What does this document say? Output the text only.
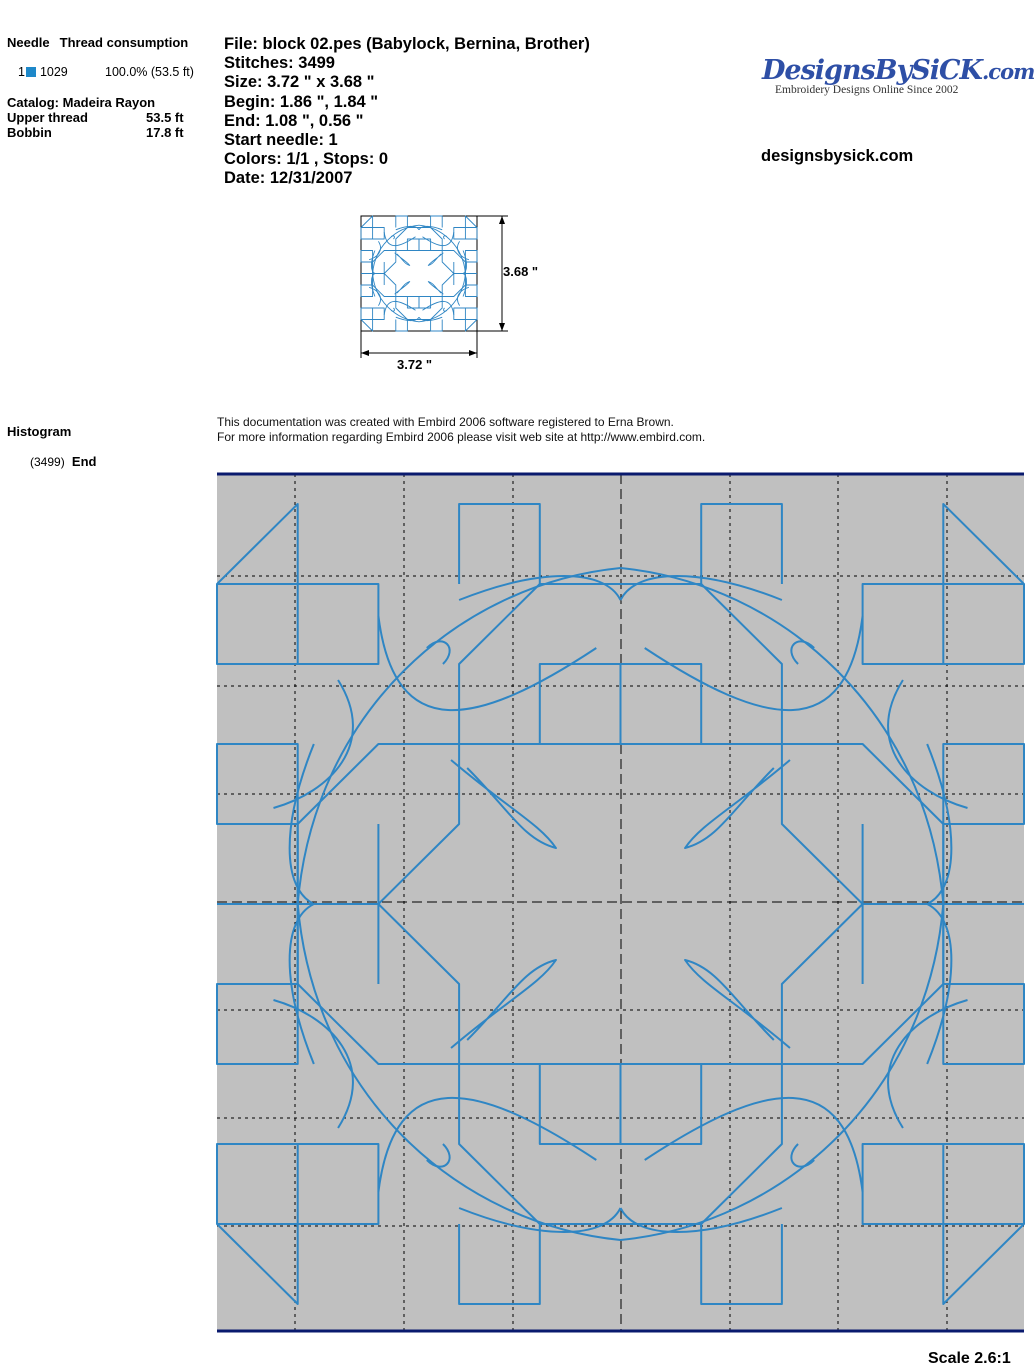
Needle Thread consumption
1 1029	100.0% (53.5 ft)
Catalog: Madeira Rayon
Upper thread	53.5 ft
Bobbin	17.8 ft
File: block 02.pes (Babylock, Bernina, Brother)
Stitches: 3499
Size: 3.72 " x 3.68 "
Begin: 1.86 ", 1.84 "
End: 1.08 ", 0.56 "
Start needle: 1
Colors: 1/1 , Stops: 0
Date: 12/31/2007
DesignsBySiCK.com
Embroidery Designs Online Since 2002
designsbysick.com
3.68 "
3.72 "
Histogram
(3499) End
This documentation was created with Embird 2006 software registered to Erna Brown.
For more information regarding Embird 2006 please visit web site at http://www.embird.com.
Scale 2.6:1
